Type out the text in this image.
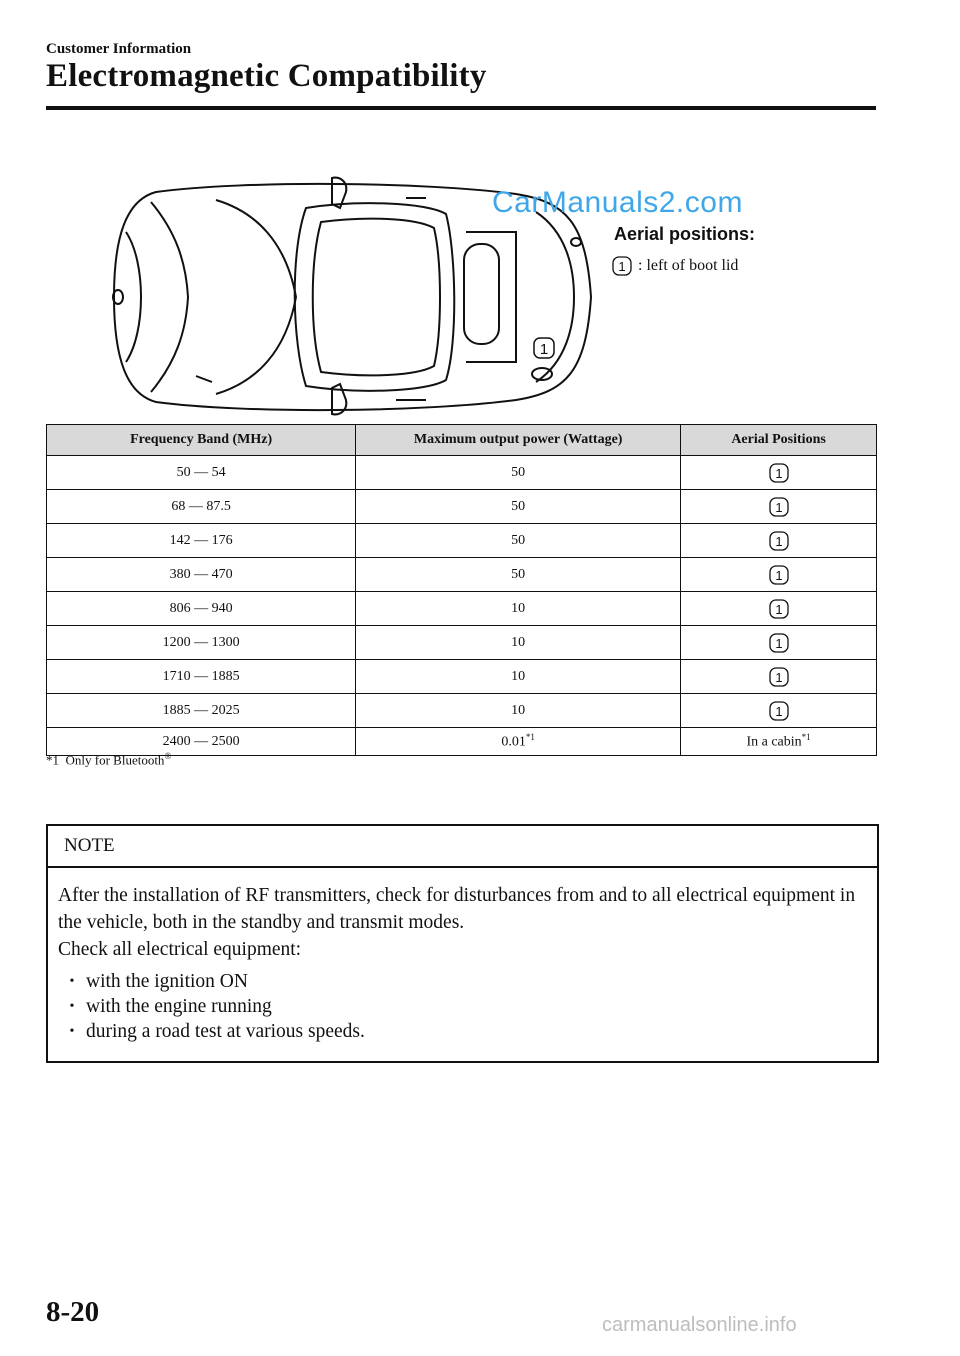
Customer Information
Electromagnetic Compatibility
1
CarManuals2.com
Aerial positions:
1 : left of boot lid
Frequency Band (MHz)	Maximum output power (Wattage)	Aerial Positions
50 — 54	50	1

68 — 87.5	50	1

142 — 176	50	1

380 — 470	50	1

806 — 940	10	1

1200 — 1300	10	1

1710 — 1885	10	1

1885 — 2025	10	1

2400 — 2500	0.01$^{*1}$	In a cabin$^{*1}$
*1 Only for Bluetooth®
NOTE

After the installation of RF transmitters, check for disturbances from and to all electrical equipment in the vehicle, both in the standby and transmit modes.

Check all electrical equipment:

• with the ignition ON
• with the engine running
• during a road test at various speeds.
8-20	carmanualsonline.info
